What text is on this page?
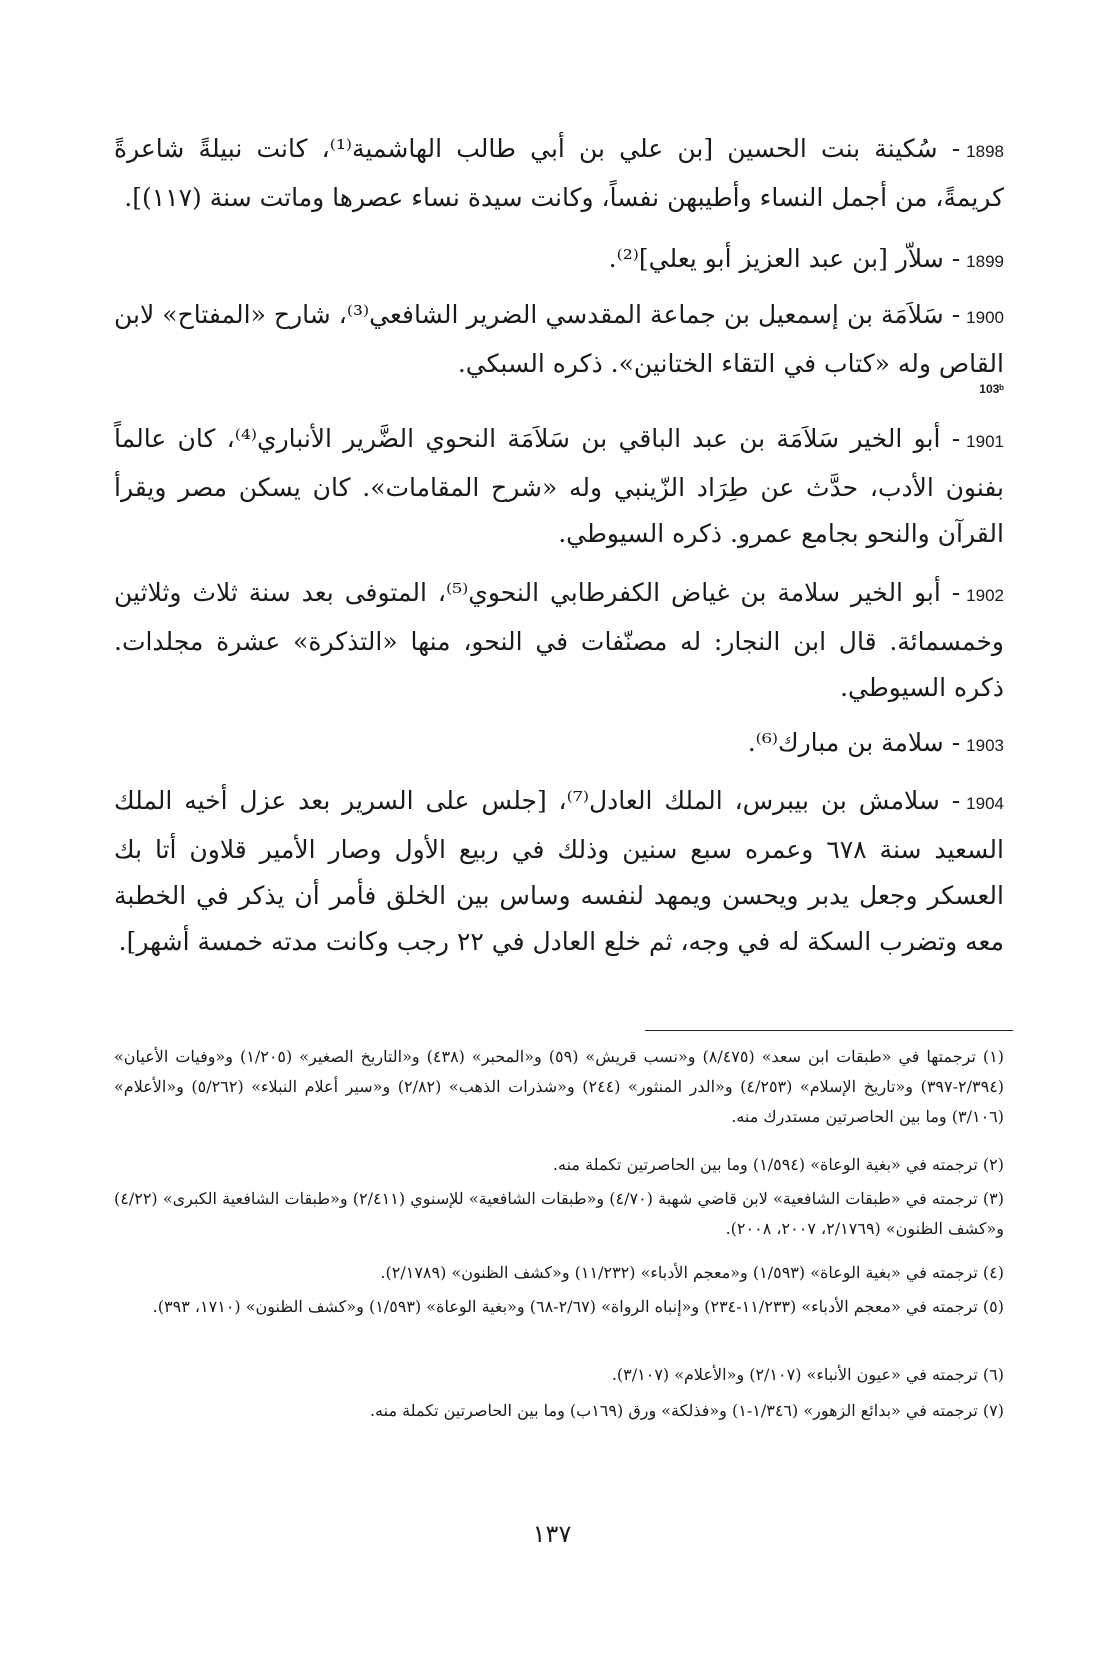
1898- سُكينة بنت الحسين [بن علي بن أبي طالب الهاشمية⁽¹⁾، كانت نبيلةً شاعرةً كريمةً، من أجمل النساء وأطيبهن نفساً، وكانت سيدة نساء عصرها وماتت سنة (١١٧)].
1899- سلاّر [بن عبد العزيز أبو يعلي]⁽²⁾.
1900- سَلاَمَة بن إسمعيل بن جماعة المقدسي الضرير الشافعي⁽³⁾، شارح «المفتاح» لابن القاص وله «كتاب في التقاء الختانين». ذكره السبكي.
103ᵇ
1901- أبو الخير سَلاَمَة بن عبد الباقي بن سَلاَمَة النحوي الضَّرير الأنباري⁽⁴⁾، كان عالماً بفنون الأدب، حدَّث عن طِرَاد الزّينبي وله «شرح المقامات». كان يسكن مصر ويقرأ القرآن والنحو بجامع عمرو. ذكره السيوطي.
1902- أبو الخير سلامة بن غياض الكفرطابي النحوي⁽⁵⁾، المتوفى بعد سنة ثلاث وثلاثين وخمسمائة. قال ابن النجار: له مصنّفات في النحو، منها «التذكرة» عشرة مجلدات. ذكره السيوطي.
1903- سلامة بن مبارك⁽⁶⁾.
1904- سلامش بن بيبرس، الملك العادل⁽⁷⁾، [جلس على السرير بعد عزل أخيه الملك السعيد سنة ٦٧٨ وعمره سبع سنين وذلك في ربيع الأول وصار الأمير قلاون أتا بك العسكر وجعل يدبر ويحسن ويمهد لنفسه وساس بين الخلق فأمر أن يذكر في الخطبة معه وتضرب السكة له في وجه، ثم خلع العادل في ٢٢ رجب وكانت مدته خمسة أشهر].
(١) ترجمتها في «طبقات ابن سعد» (٨/٤٧٥) و«نسب قريش» (٥٩) و«المحبر» (٤٣٨) و«التاريخ الصغير» (١/٢٠٥) و«وفيات الأعيان» (٢/٣٩٤-٣٩٧) و«تاريخ الإسلام» (٤/٢٥٣) و«الدر المنثور» (٢٤٤) و«شذرات الذهب» (٢/٨٢) و«سير أعلام النبلاء» (٥/٢٦٢) و«الأعلام» (٣/١٠٦) وما بين الحاصرتين مستدرك منه.
(٢) ترجمته في «بغية الوعاة» (١/٥٩٤) وما بين الحاصرتين تكملة منه.
(٣) ترجمته في «طبقات الشافعية» لابن قاضي شهبة (٤/٧٠) و«طبقات الشافعية» للإسنوي (٢/٤١١) و«طبقات الشافعية الكبرى» (٤/٢٢) و«كشف الظنون» (٢/١٧٦٩، ٢٠٠٧، ٢٠٠٨).
(٤) ترجمته في «بغية الوعاة» (١/٥٩٣) و«معجم الأدباء» (١١/٢٣٢) و«كشف الظنون» (٢/١٧٨٩).
(٥) ترجمته في «معجم الأدباء» (١١/٢٣٣-٢٣٤) و«إنباه الرواة» (٢/٦٧-٦٨) و«بغية الوعاة» (١/٥٩٣) و«كشف الظنون» (١٧١٠، ٣٩٣).
(٦) ترجمته في «عيون الأنباء» (٢/١٠٧) و«الأعلام» (٣/١٠٧).
(٧) ترجمته في «بدائع الزهور» (١/٣٤٦-١) و«فذلكة» ورق (١٦٩ب) وما بين الحاصرتين تكملة منه.
١٣٧
